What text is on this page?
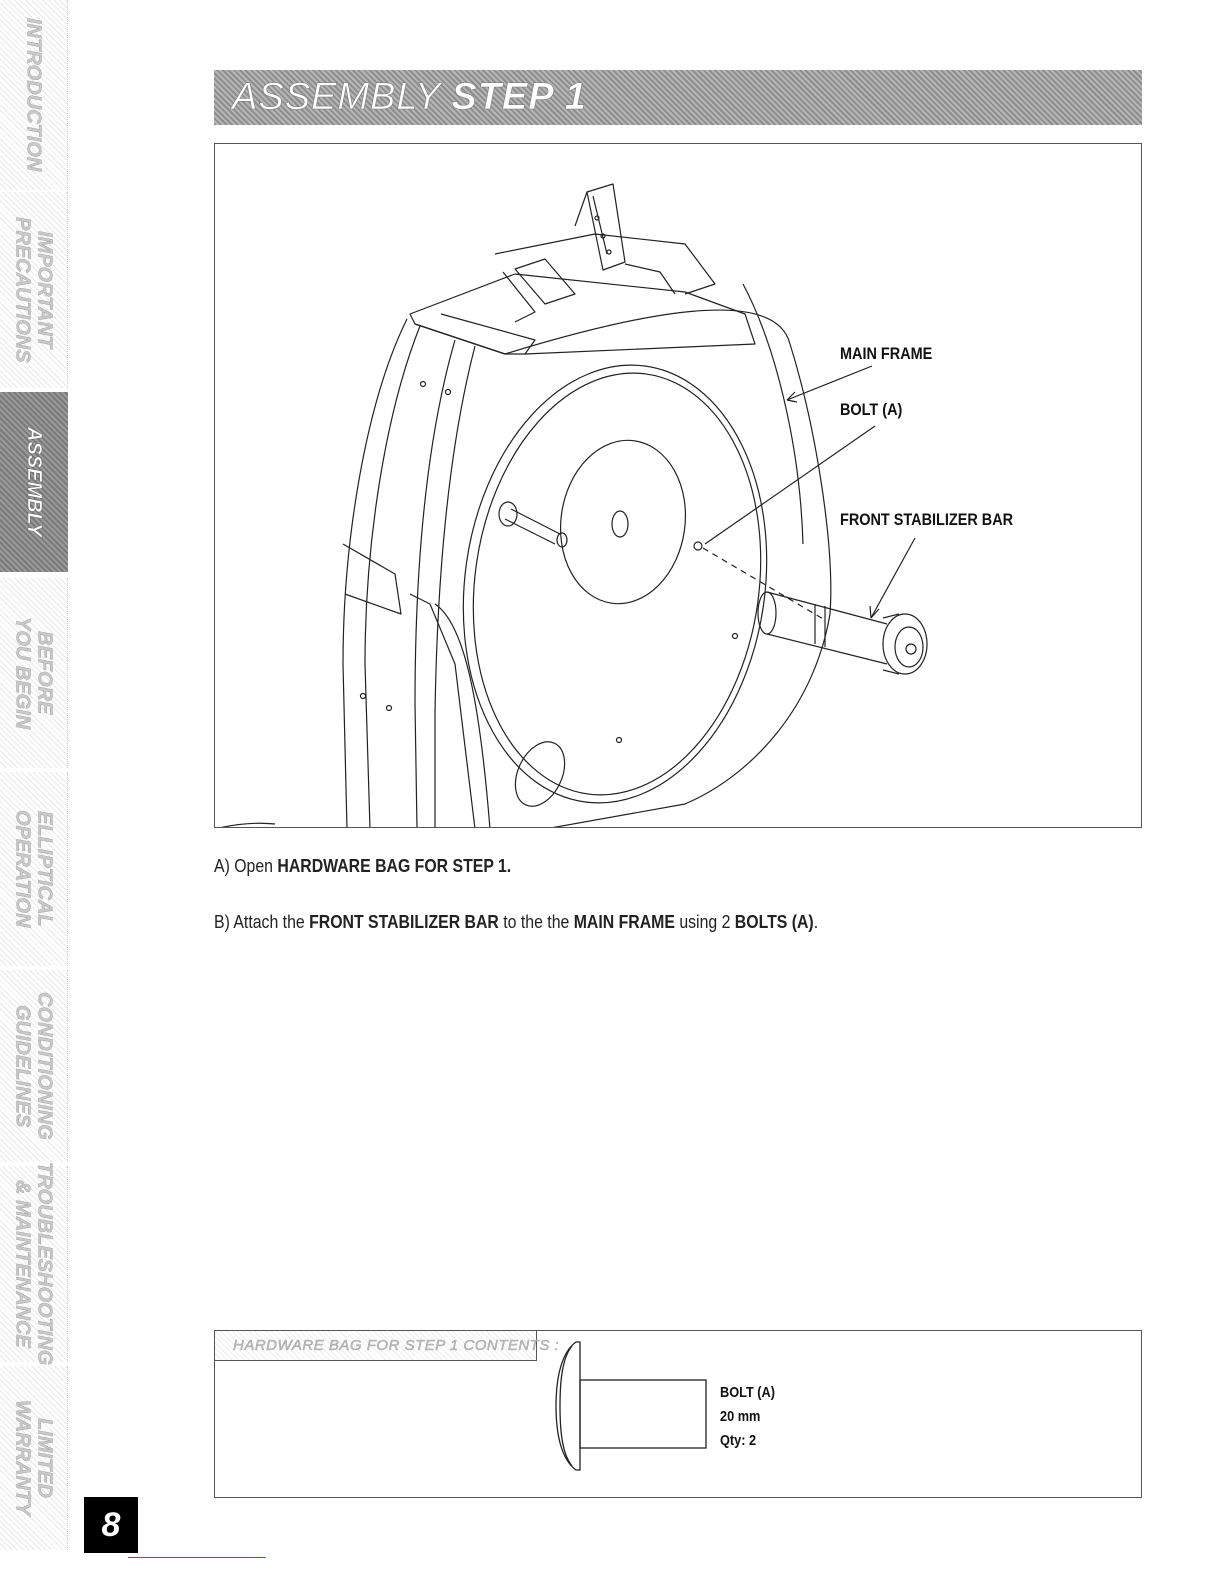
INTRODUCTION
IMPORTANT
PRECAUTIONS
ASSEMBLY
BEFORE
YOU BEGIN
ELLIPTICAL
OPERATION
CONDITIONING
GUIDELINES
TROUBLESHOOTING
& MAINTENANCE
LIMITED
WARRANTY
ASSEMBLY STEP 1
MAIN FRAME
BOLT (A)
FRONT STABILIZER BAR
A) Open HARDWARE BAG FOR STEP 1.
B) Attach the FRONT STABILIZER BAR to the the MAIN FRAME using 2 BOLTS (A).
HARDWARE BAG FOR STEP 1 CONTENTS :
BOLT (A)
20 mm
Qty: 2
8
